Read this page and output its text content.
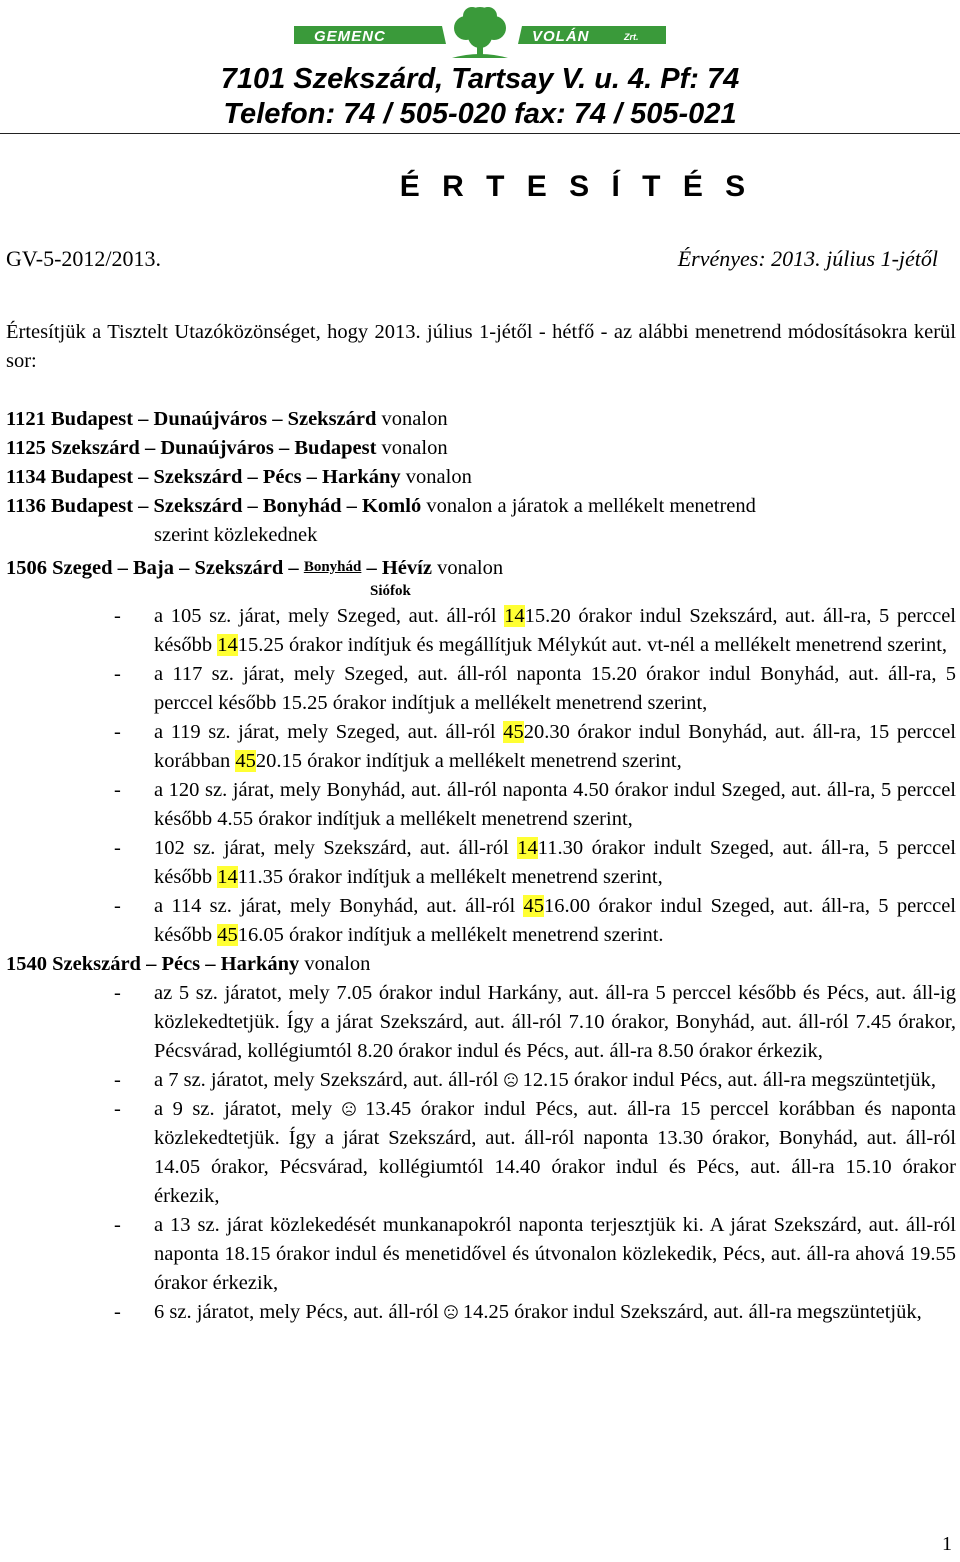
GEMENC	VOLÁN	Zrt.
7101 Szekszárd, Tartsay V. u. 4. Pf: 74
Telefon: 74 / 505-020 fax: 74 / 505-021
É R T E S Í T É S
GV-5-2012/2013.	Érvényes: 2013. július 1-jétől

Értesítjük a Tisztelt Utazóközönséget, hogy 2013. július 1-jétől - hétfő - az alábbi menetrend módosításokra kerül sor:

1121 Budapest – Dunaújváros – Szekszárd vonalon

1125 Szekszárd – Dunaújváros – Budapest vonalon

1134 Budapest – Szekszárd – Pécs – Harkány vonalon

1136 Budapest – Szekszárd – Bonyhád – Komló vonalon a járatok a mellékelt menetrend

szerint közlekednek

1506 Szeged – Baja – Szekszárd – Bonyhád – Hévíz vonalon

Siófok

- a 105 sz. járat, mely Szeged, aut. áll-ról 1415.20 órakor indul Szekszárd, aut. áll-ra, 5 perccel később 1415.25 órakor indítjuk és megállítjuk Mélykút aut. vt-nél a mellékelt menetrend szerint,
- a 117 sz. járat, mely Szeged, aut. áll-ról naponta 15.20 órakor indul Bonyhád, aut. áll-ra, 5 perccel később 15.25 órakor indítjuk a mellékelt menetrend szerint,
- a 119 sz. járat, mely Szeged, aut. áll-ról 4520.30 órakor indul Bonyhád, aut. áll-ra, 15 perccel korábban 4520.15 órakor indítjuk a mellékelt menetrend szerint,
- a 120 sz. járat, mely Bonyhád, aut. áll-ról naponta 4.50 órakor indul Szeged, aut. áll-ra, 5 perccel később 4.55 órakor indítjuk a mellékelt menetrend szerint,
- 102 sz. járat, mely Szekszárd, aut. áll-ról 1411.30 órakor indult Szeged, aut. áll-ra, 5 perccel később 1411.35 órakor indítjuk a mellékelt menetrend szerint,
- a 114 sz. járat, mely Bonyhád, aut. áll-ról 4516.00 órakor indul Szeged, aut. áll-ra, 5 perccel később 4516.05 órakor indítjuk a mellékelt menetrend szerint.

1540 Szekszárd – Pécs – Harkány vonalon

- az 5 sz. járatot, mely 7.05 órakor indul Harkány, aut. áll-ra 5 perccel később és Pécs, aut. áll-ig közlekedtetjük. Így a járat Szekszárd, aut. áll-ról 7.10 órakor, Bonyhád, aut. áll-ról 7.45 órakor, Pécsvárad, kollégiumtól 8.20 órakor indul és Pécs, aut. áll-ra 8.50 órakor érkezik,
- a 7 sz. járatot, mely Szekszárd, aut. áll-ról  12.15 órakor indul Pécs, aut. áll-ra megszüntetjük,
- a 9 sz. járatot, mely  13.45 órakor indul Pécs, aut. áll-ra 15 perccel korábban és naponta közlekedtetjük. Így a járat Szekszárd, aut. áll-ról naponta 13.30 órakor, Bonyhád, aut. áll-ról 14.05 órakor, Pécsvárad, kollégiumtól 14.40 órakor indul és Pécs, aut. áll-ra 15.10 órakor érkezik,
- a 13 sz. járat közlekedését munkanapokról naponta terjesztjük ki. A járat Szekszárd, aut. áll-ról naponta 18.15 órakor indul és menetidővel és útvonalon közlekedik, Pécs, aut. áll-ra ahová 19.55 órakor érkezik,
- 6 sz. járatot, mely Pécs, aut. áll-ról  14.25 órakor indul Szekszárd, aut. áll-ra megszüntetjük,
1
